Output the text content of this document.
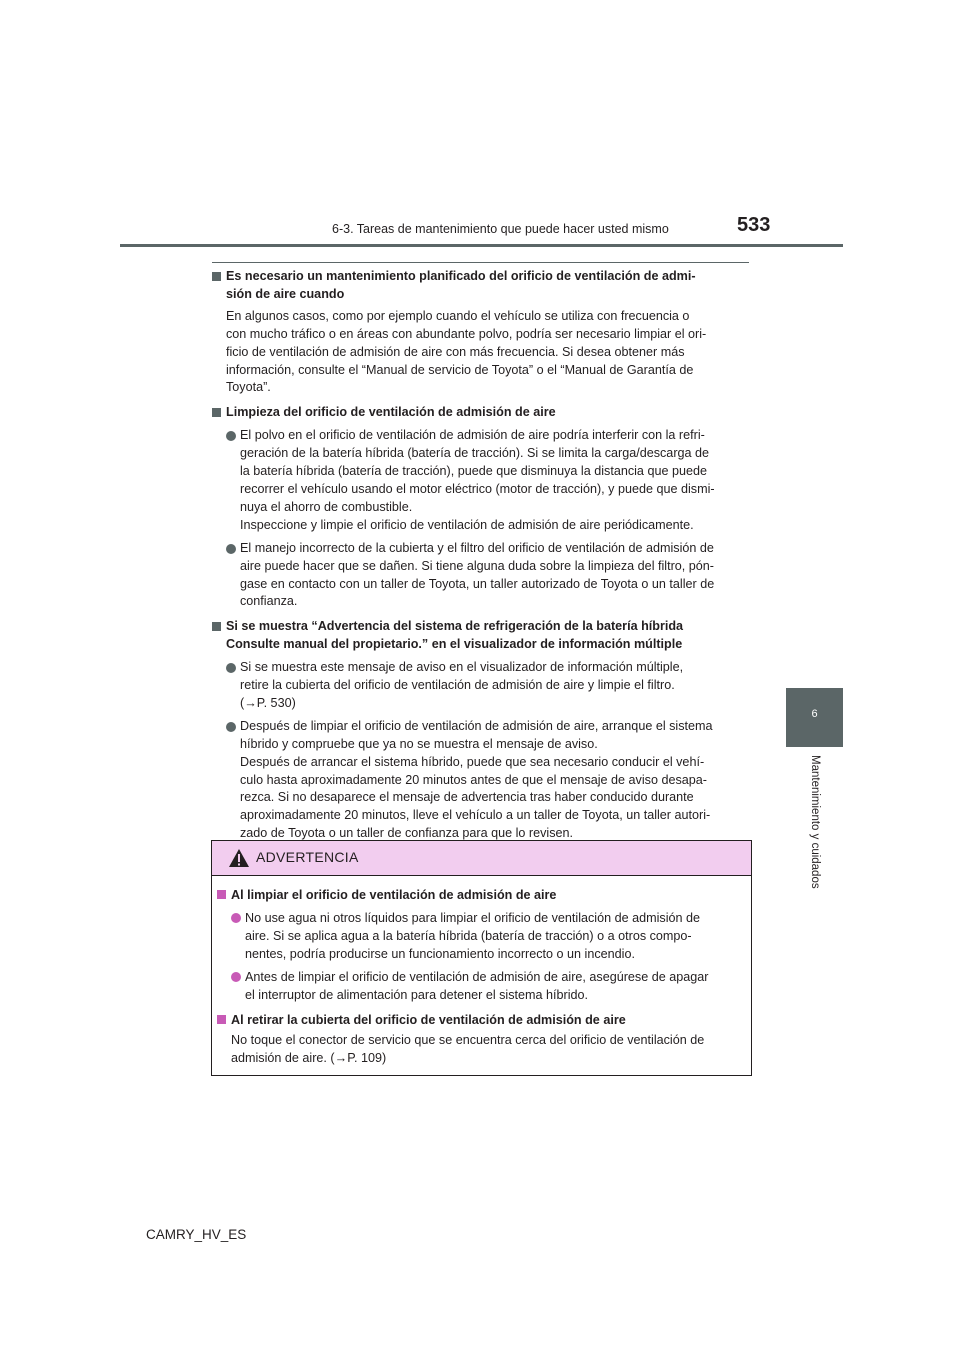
6-3. Tareas de mantenimiento que puede hacer usted mismo	533
6
Mantenimiento y cuidados
Es necesario un mantenimiento planificado del orificio de ventilación de admi-
sión de aire cuando
En algunos casos, como por ejemplo cuando el vehículo se utiliza con frecuencia o
con mucho tráfico o en áreas con abundante polvo, podría ser necesario limpiar el ori-
ficio de ventilación de admisión de aire con más frecuencia. Si desea obtener más
información, consulte el “Manual de servicio de Toyota” o el “Manual de Garantía de
Toyota”.
Limpieza del orificio de ventilación de admisión de aire
El polvo en el orificio de ventilación de admisión de aire podría interferir con la refri-
geración de la batería híbrida (batería de tracción). Si se limita la carga/descarga de
la batería híbrida (batería de tracción), puede que disminuya la distancia que puede
recorrer el vehículo usando el motor eléctrico (motor de tracción), y puede que dismi-
nuya el ahorro de combustible.
Inspeccione y limpie el orificio de ventilación de admisión de aire periódicamente.
El manejo incorrecto de la cubierta y el filtro del orificio de ventilación de admisión de
aire puede hacer que se dañen. Si tiene alguna duda sobre la limpieza del filtro, pón-
gase en contacto con un taller de Toyota, un taller autorizado de Toyota o un taller de
confianza.
Si se muestra “Advertencia del sistema de refrigeración de la batería híbrida
Consulte manual del propietario.” en el visualizador de información múltiple
Si se muestra este mensaje de aviso en el visualizador de información múltiple,
retire la cubierta del orificio de ventilación de admisión de aire y limpie el filtro.
(→P. 530)
Después de limpiar el orificio de ventilación de admisión de aire, arranque el sistema
híbrido y compruebe que ya no se muestra el mensaje de aviso.
Después de arrancar el sistema híbrido, puede que sea necesario conducir el vehí-
culo hasta aproximadamente 20 minutos antes de que el mensaje de aviso desapa-
rezca. Si no desaparece el mensaje de advertencia tras haber conducido durante
aproximadamente 20 minutos, lleve el vehículo a un taller de Toyota, un taller autori-
zado de Toyota o un taller de confianza para que lo revisen.
ADVERTENCIA
Al limpiar el orificio de ventilación de admisión de aire
No use agua ni otros líquidos para limpiar el orificio de ventilación de admisión de
aire. Si se aplica agua a la batería híbrida (batería de tracción) o a otros compo-
nentes, podría producirse un funcionamiento incorrecto o un incendio.
Antes de limpiar el orificio de ventilación de admisión de aire, asegúrese de apagar
el interruptor de alimentación para detener el sistema híbrido.
Al retirar la cubierta del orificio de ventilación de admisión de aire
No toque el conector de servicio que se encuentra cerca del orificio de ventilación de
admisión de aire. (→P. 109)
CAMRY_HV_ES
